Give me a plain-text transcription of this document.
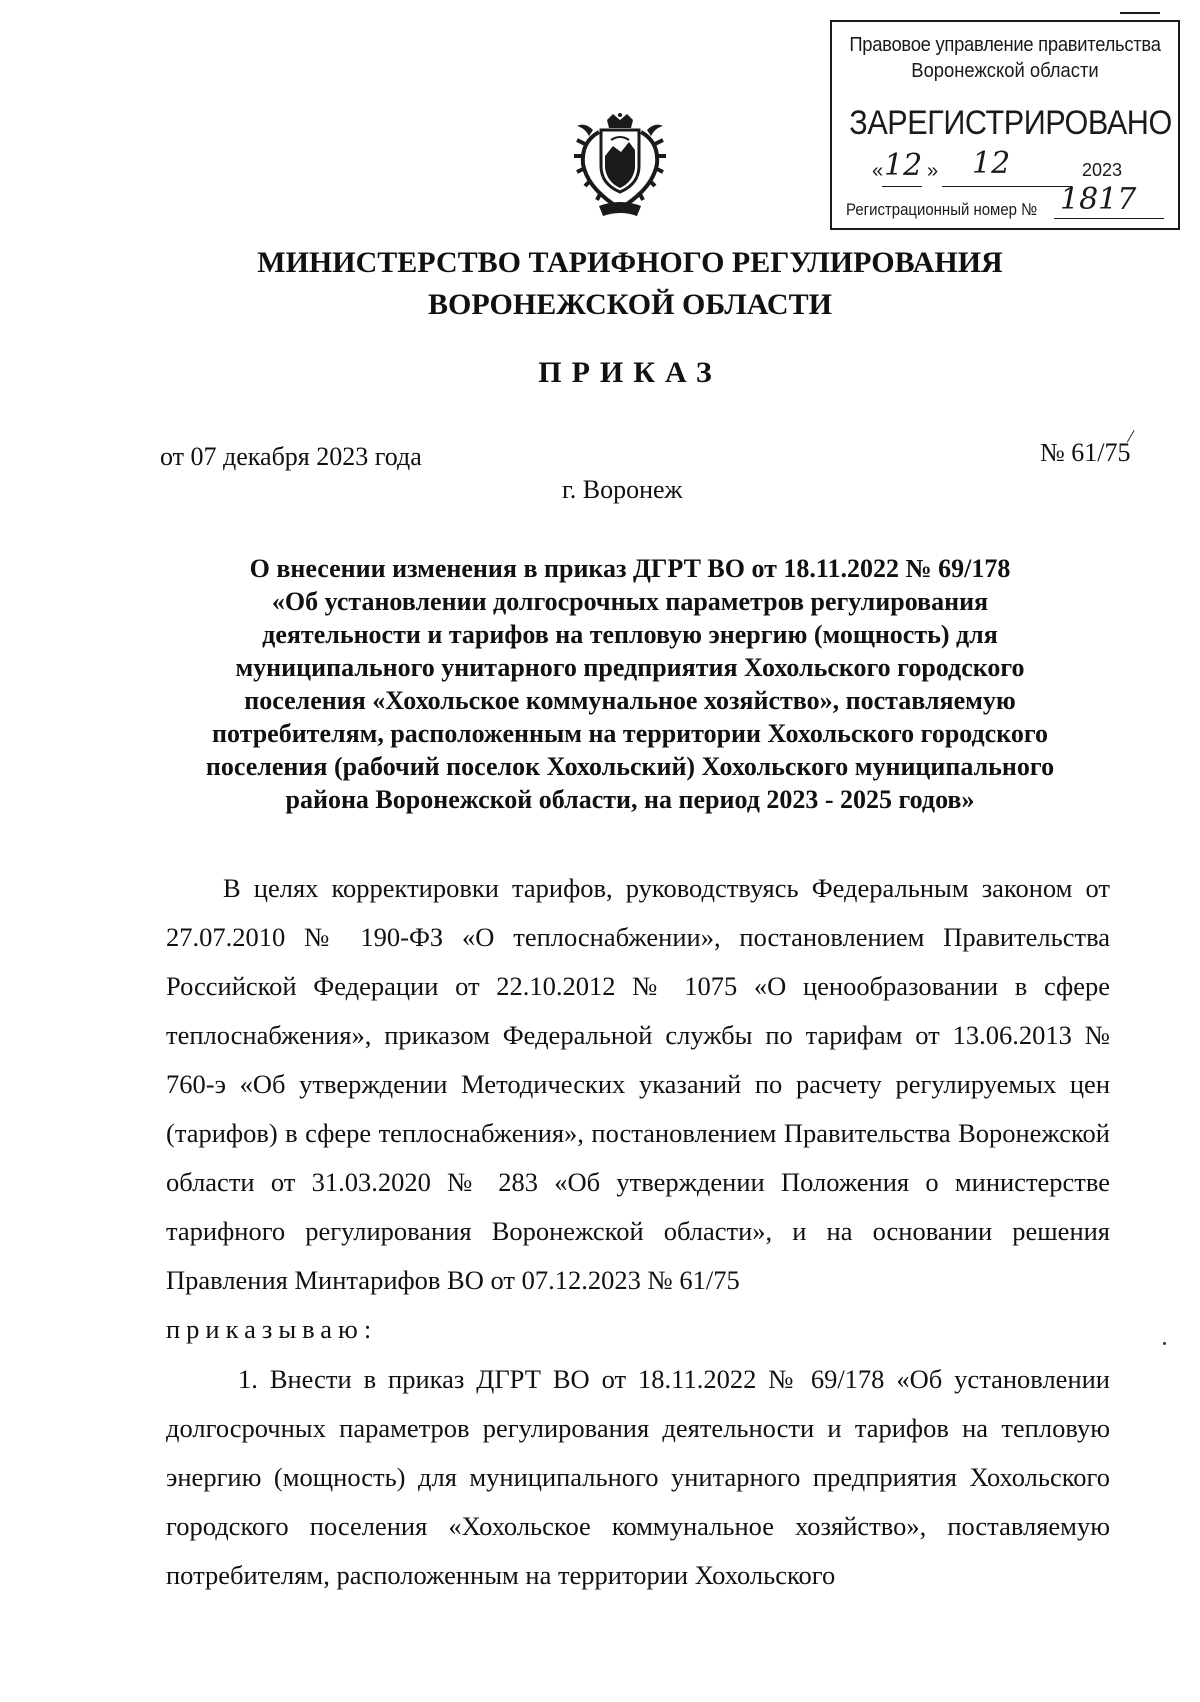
Правовое управление правительства
Воронежской области
ЗАРЕГИСТРИРОВАНО
« 12 » 12	2023
Регистрационный номер № 1817
МИНИСТЕРСТВО ТАРИФНОГО РЕГУЛИРОВАНИЯ
ВОРОНЕЖСКОЙ ОБЛАСТИ
ПРИКАЗ
от 07 декабря 2023 года	№ 61/75
г. Воронеж
О внесении изменения в приказ ДГРТ ВО от 18.11.2022 № 69/178
«Об установлении долгосрочных параметров регулирования
деятельности и тарифов на тепловую энергию (мощность) для
муниципального унитарного предприятия Хохольского городского
поселения «Хохольское коммунальное хозяйство», поставляемую
потребителям, расположенным на территории Хохольского городского
поселения (рабочий поселок Хохольский) Хохольского муниципального
района Воронежской области, на период 2023 - 2025 годов»
В целях корректировки тарифов, руководствуясь Федеральным законом от 27.07.2010 № 190-ФЗ «О теплоснабжении», постановлением Правительства Российской Федерации от 22.10.2012 № 1075 «О ценообразовании в сфере теплоснабжения», приказом Федеральной службы по тарифам от 13.06.2013 № 760-э «Об утверждении Методических указаний по расчету регулируемых цен (тарифов) в сфере теплоснабжения», постановлением Правительства Воронежской области от 31.03.2020 № 283 «Об утверждении Положения о министерстве тарифного регулирования Воронежской области», и на основании решения Правления Минтарифов ВО от 07.12.2023 № 61/75
приказываю:
1. Внести в приказ ДГРТ ВО от 18.11.2022 № 69/178 «Об установлении долгосрочных параметров регулирования деятельности и тарифов на тепловую энергию (мощность) для муниципального унитарного предприятия Хохольского городского поселения «Хохольское коммунальное хозяйство», поставляемую потребителям, расположенным на территории Хохольского
